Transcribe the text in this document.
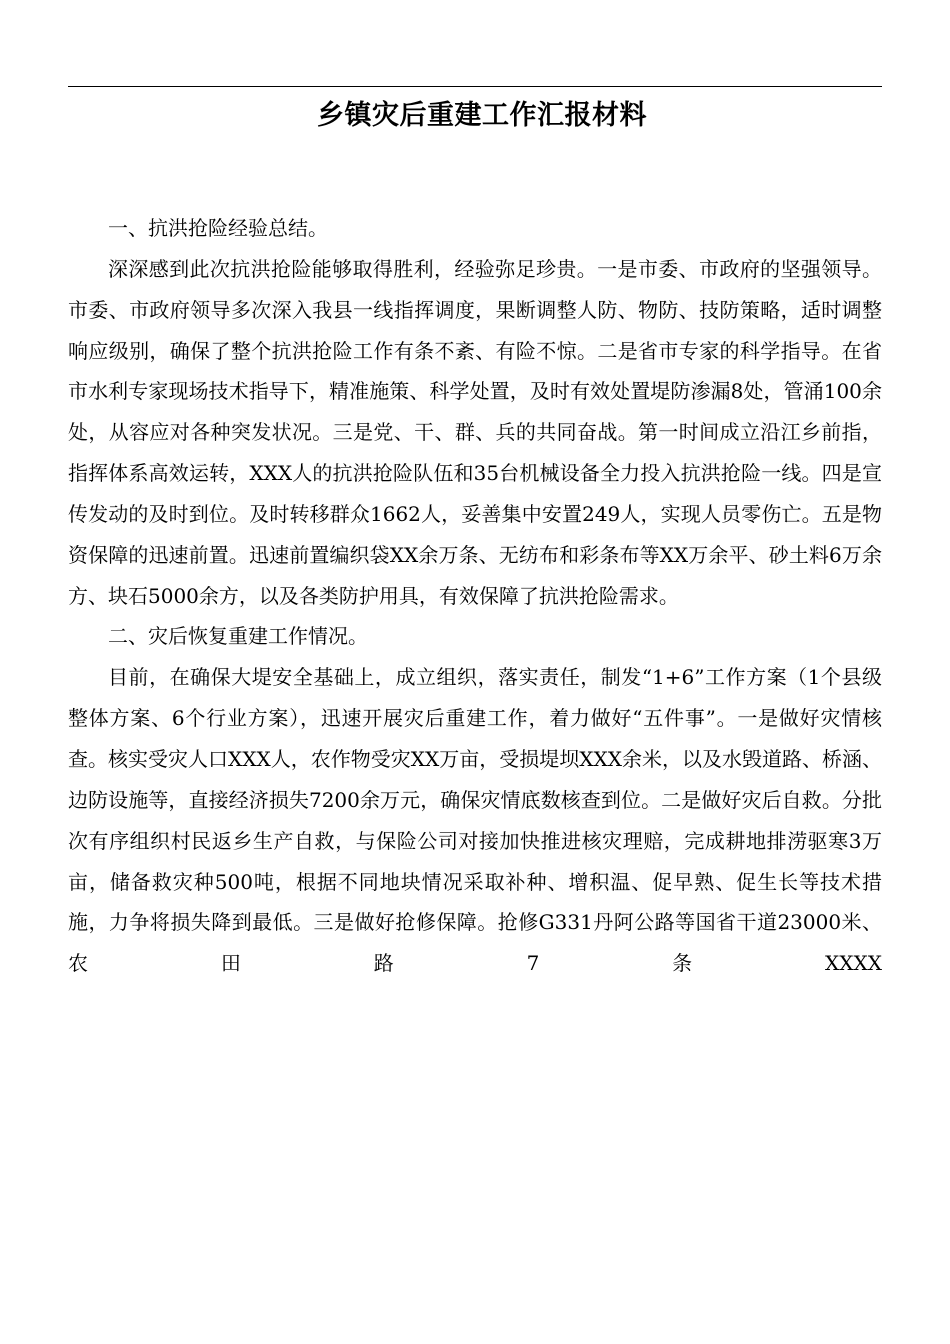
乡镇灾后重建工作汇报材料

一、抗洪抢险经验总结。

深深感到此次抗洪抢险能够取得胜利，经验弥足珍贵。一是市委、市政府的坚强领导。市委、市政府领导多次深入我县一线指挥调度，果断调整人防、物防、技防策略，适时调整响应级别，确保了整个抗洪抢险工作有条不紊、有险不惊。二是省市专家的科学指导。在省市水利专家现场技术指导下，精准施策、科学处置，及时有效处置堤防渗漏8处，管涌100余处，从容应对各种突发状况。三是党、干、群、兵的共同奋战。第一时间成立沿江乡前指，指挥体系高效运转，XXX人的抗洪抢险队伍和35台机械设备全力投入抗洪抢险一线。四是宣传发动的及时到位。及时转移群众1662人，妥善集中安置249人，实现人员零伤亡。五是物资保障的迅速前置。迅速前置编织袋XX余万条、无纺布和彩条布等XX万余平、砂土料6万余方、块石5000余方，以及各类防护用具，有效保障了抗洪抢险需求。

二、灾后恢复重建工作情况。

目前，在确保大堤安全基础上，成立组织，落实责任，制发“1+6”工作方案（1个县级整体方案、6个行业方案），迅速开展灾后重建工作，着力做好“五件事”。一是做好灾情核查。核实受灾人口XXX人，农作物受灾XX万亩，受损堤坝XXX余米，以及水毁道路、桥涵、边防设施等，直接经济损失7200余万元，确保灾情底数核查到位。二是做好灾后自救。分批次有序组织村民返乡生产自救，与保险公司对接加快推进核灾理赔，完成耕地排涝驱寒3万亩，储备救灾种500吨，根据不同地块情况采取补种、增积温、促早熟、促生长等技术措施，力争将损失降到最低。三是做好抢修保障。抢修G331丹阿公路等国省干道23000米、农田路7条XXXX
